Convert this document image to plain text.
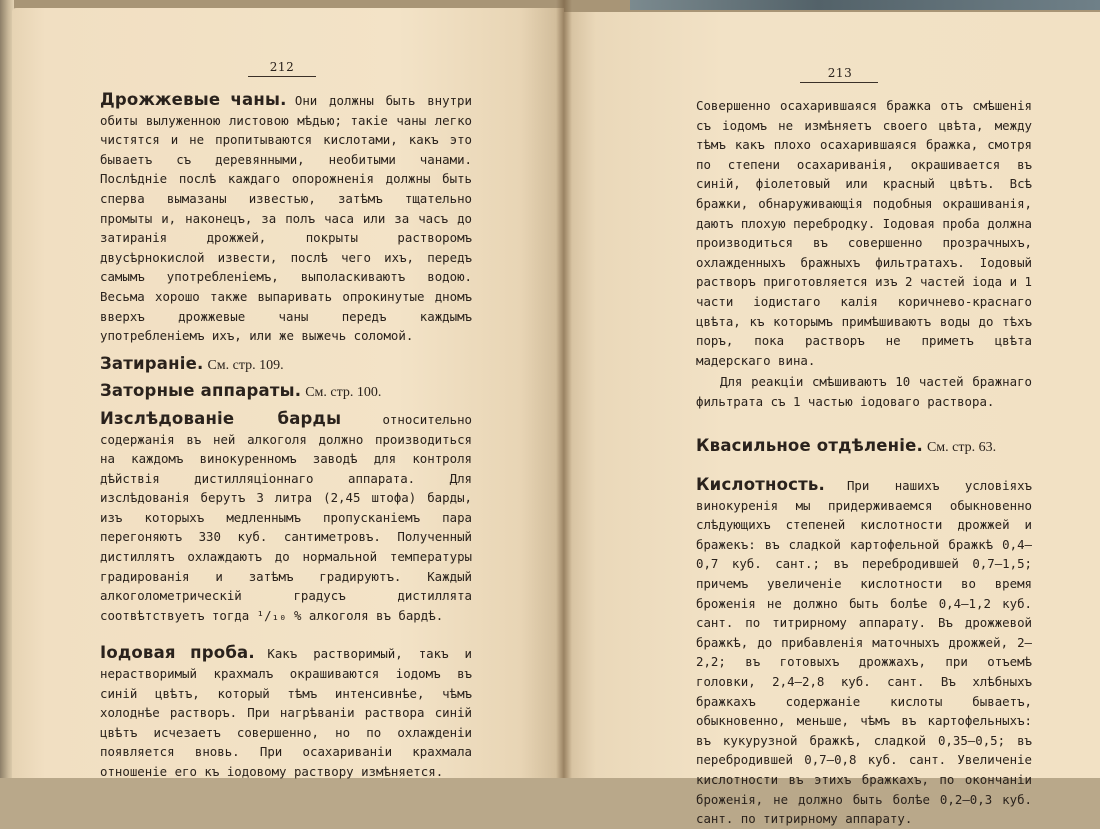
212

Дрожжевые чаны. Они должны быть внутри обиты вылуженною листовою мѣдью; такіе чаны легко чистятся и не пропитываются кислотами, какъ это бываетъ съ деревянными, необитыми чанами. Послѣдніе послѣ каждаго опорожненія должны быть сперва вымазаны известью, затѣмъ тщательно промыты и, наконецъ, за полъ часа или за часъ до затиранія дрожжей, покрыты растворомъ двусѣрнокислой извести, послѣ чего ихъ, передъ самымъ употребленіемъ, выполаскиваютъ водою. Весьма хорошо также выпаривать опрокинутые дномъ вверхъ дрожжевые чаны передъ каждымъ употребленіемъ ихъ, или же выжечь соломой.

Затираніе. См. стр. 109.

Заторные аппараты. См. стр. 100.

Изслѣдованіе барды	относительно содержанія въ ней алкоголя должно производиться на каждомъ винокуренномъ заводѣ для контроля дѣйствія дистилляціоннаго аппарата. Для изслѣдованія берутъ 3 литра (2,45 штофа) барды, изъ которыхъ медленнымъ пропусканіемъ пара перегоняютъ 330 куб. сантиметровъ. Полученный дистиллятъ охлаждаютъ до нормальной температуры градированія и затѣмъ градируютъ. Каждый алкоголометрическій градусъ дистиллята соотвѣтствуетъ тогда ¹/₁₀ % алкоголя въ бардѣ.

Іодовая проба. Какъ растворимый, такъ и нерастворимый крахмалъ окрашиваются іодомъ въ синій цвѣтъ, который тѣмъ интенсивнѣе, чѣмъ холоднѣе растворъ. При нагрѣваніи раствора синій цвѣтъ исчезаетъ совершенно, но по охлажденіи появляется вновь. При осахариваніи крахмала отношеніе его къ іодовому раствору измѣняется.

213

Совершенно осахарившаяся бражка отъ смѣшенія съ іодомъ не измѣняетъ своего цвѣта, между тѣмъ какъ плохо осахарившаяся бражка, смотря по степени осахариванія, окрашивается въ синій, фіолетовый или красный цвѣтъ. Всѣ бражки, обнаруживающія подобныя окрашиванія, даютъ плохую перебродку. Іодовая проба должна производиться въ совершенно прозрачныхъ, охлажденныхъ бражныхъ фильтратахъ. Іодовый растворъ приготовляется изъ 2 частей іода и 1 части іодистаго калія коричнево-краснаго цвѣта, къ которымъ примѣшиваютъ воды до тѣхъ поръ, пока растворъ не приметъ цвѣта мадерскаго вина.

Для реакціи смѣшиваютъ 10 частей бражнаго фильтрата съ 1 частью іодоваго раствора.

Квасильное отдѣленіе. См. стр. 63.

Кислотность. При нашихъ условіяхъ винокуренія мы придерживаемся обыкновенно слѣдующихъ степеней кислотности дрожжей и бражекъ: въ сладкой картофельной бражкѣ 0,4—0,7 куб. сант.; въ перебродившей 0,7—1,5; причемъ увеличеніе кислотности во время броженія не должно быть болѣе 0,4—1,2 куб. сант. по титрирному аппарату. Въ дрожжевой бражкѣ, до прибавленія маточныхъ дрожжей, 2—2,2; въ готовыхъ дрожжахъ, при отъемѣ головки, 2,4—2,8 куб. сант. Въ хлѣбныхъ бражкахъ содержаніе кислоты бываетъ, обыкновенно, меньше, чѣмъ въ картофельныхъ: въ кукурузной бражкѣ, сладкой 0,35—0,5; въ перебродившей 0,7—0,8 куб. сант. Увеличеніе кислотности въ этихъ бражкахъ, по окончаніи броженія, не должно быть болѣе 0,2—0,3 куб. сант. по титрирному аппарату.
